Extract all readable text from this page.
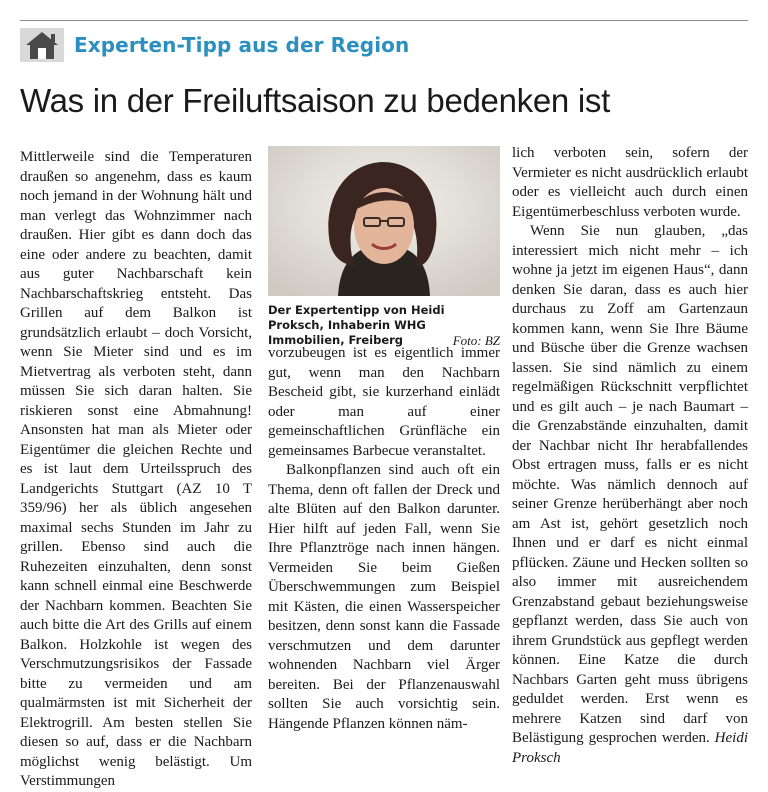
Experten-Tipp aus der Region
Was in der Freiluftsaison zu bedenken ist

Mittlerweile sind die Temperaturen draußen so angenehm, dass es kaum noch jemand in der Wohnung hält und man verlegt das Wohnzimmer nach draußen. Hier gibt es dann doch das eine oder andere zu beachten, damit aus guter Nachbarschaft kein Nachbarschaftskrieg entsteht. Das Grillen auf dem Balkon ist grundsätzlich erlaubt – doch Vorsicht, wenn Sie Mieter sind und es im Mietvertrag als verboten steht, dann müssen Sie sich daran halten. Sie riskieren sonst eine Abmahnung! Ansonsten hat man als Mieter oder Eigentümer die gleichen Rechte und es ist laut dem Urteilsspruch des Landgerichts Stuttgart (AZ 10 T 359/96) her als üblich angesehen maximal sechs Stunden im Jahr zu grillen. Ebenso sind auch die Ruhezeiten einzuhalten, denn sonst kann schnell einmal eine Beschwerde der Nachbarn kommen. Beachten Sie auch bitte die Art des Grills auf einem Balkon. Holzkohle ist wegen des Verschmutzungsrisikos der Fassade bitte zu vermeiden und am qualmärmsten ist mit Sicherheit der Elektrogrill. Am besten stellen Sie diesen so auf, dass er die Nachbarn möglichst wenig belästigt. Um Verstimmungen

Der Expertentipp von Heidi Proksch, Inhaberin WHG Immobilien, Freiberg	Foto: BZ

vorzubeugen ist es eigentlich immer gut, wenn man den Nachbarn Bescheid gibt, sie kurzerhand einlädt oder man auf einer gemeinschaftlichen Grünfläche ein gemeinsames Barbecue veranstaltet.

Balkonpflanzen sind auch oft ein Thema, denn oft fallen der Dreck und alte Blüten auf den Balkon darunter. Hier hilft auf jeden Fall, wenn Sie Ihre Pflanztröge nach innen hängen. Vermeiden Sie beim Gießen Überschwemmungen zum Beispiel mit Kästen, die einen Wasserspeicher besitzen, denn sonst kann die Fassade verschmutzen und dem darunter wohnenden Nachbarn viel Ärger bereiten. Bei der Pflanzenauswahl sollten Sie auch vorsichtig sein. Hängende Pflanzen können näm-

lich verboten sein, sofern der Vermieter es nicht ausdrücklich erlaubt oder es vielleicht auch durch einen Eigentümerbeschluss verboten wurde.

Wenn Sie nun glauben, „das interessiert mich nicht mehr – ich wohne ja jetzt im eigenen Haus“, dann denken Sie daran, dass es auch hier durchaus zu Zoff am Gartenzaun kommen kann, wenn Sie Ihre Bäume und Büsche über die Grenze wachsen lassen. Sie sind nämlich zu einem regelmäßigen Rückschnitt verpflichtet und es gilt auch – je nach Baumart – die Grenzabstände einzuhalten, damit der Nachbar nicht Ihr herabfallendes Obst ertragen muss, falls er es nicht möchte. Was nämlich dennoch auf seiner Grenze herüberhängt aber noch am Ast ist, gehört gesetzlich noch Ihnen und er darf es nicht einmal pflücken. Zäune und Hecken sollten so also immer mit ausreichendem Grenzabstand gebaut beziehungsweise gepflanzt werden, dass Sie auch von ihrem Grundstück aus gepflegt werden können. Eine Katze die durch Nachbars Garten geht muss übrigens geduldet werden. Erst wenn es mehrere Katzen sind darf von Belästigung gesprochen werden. Heidi Proksch
